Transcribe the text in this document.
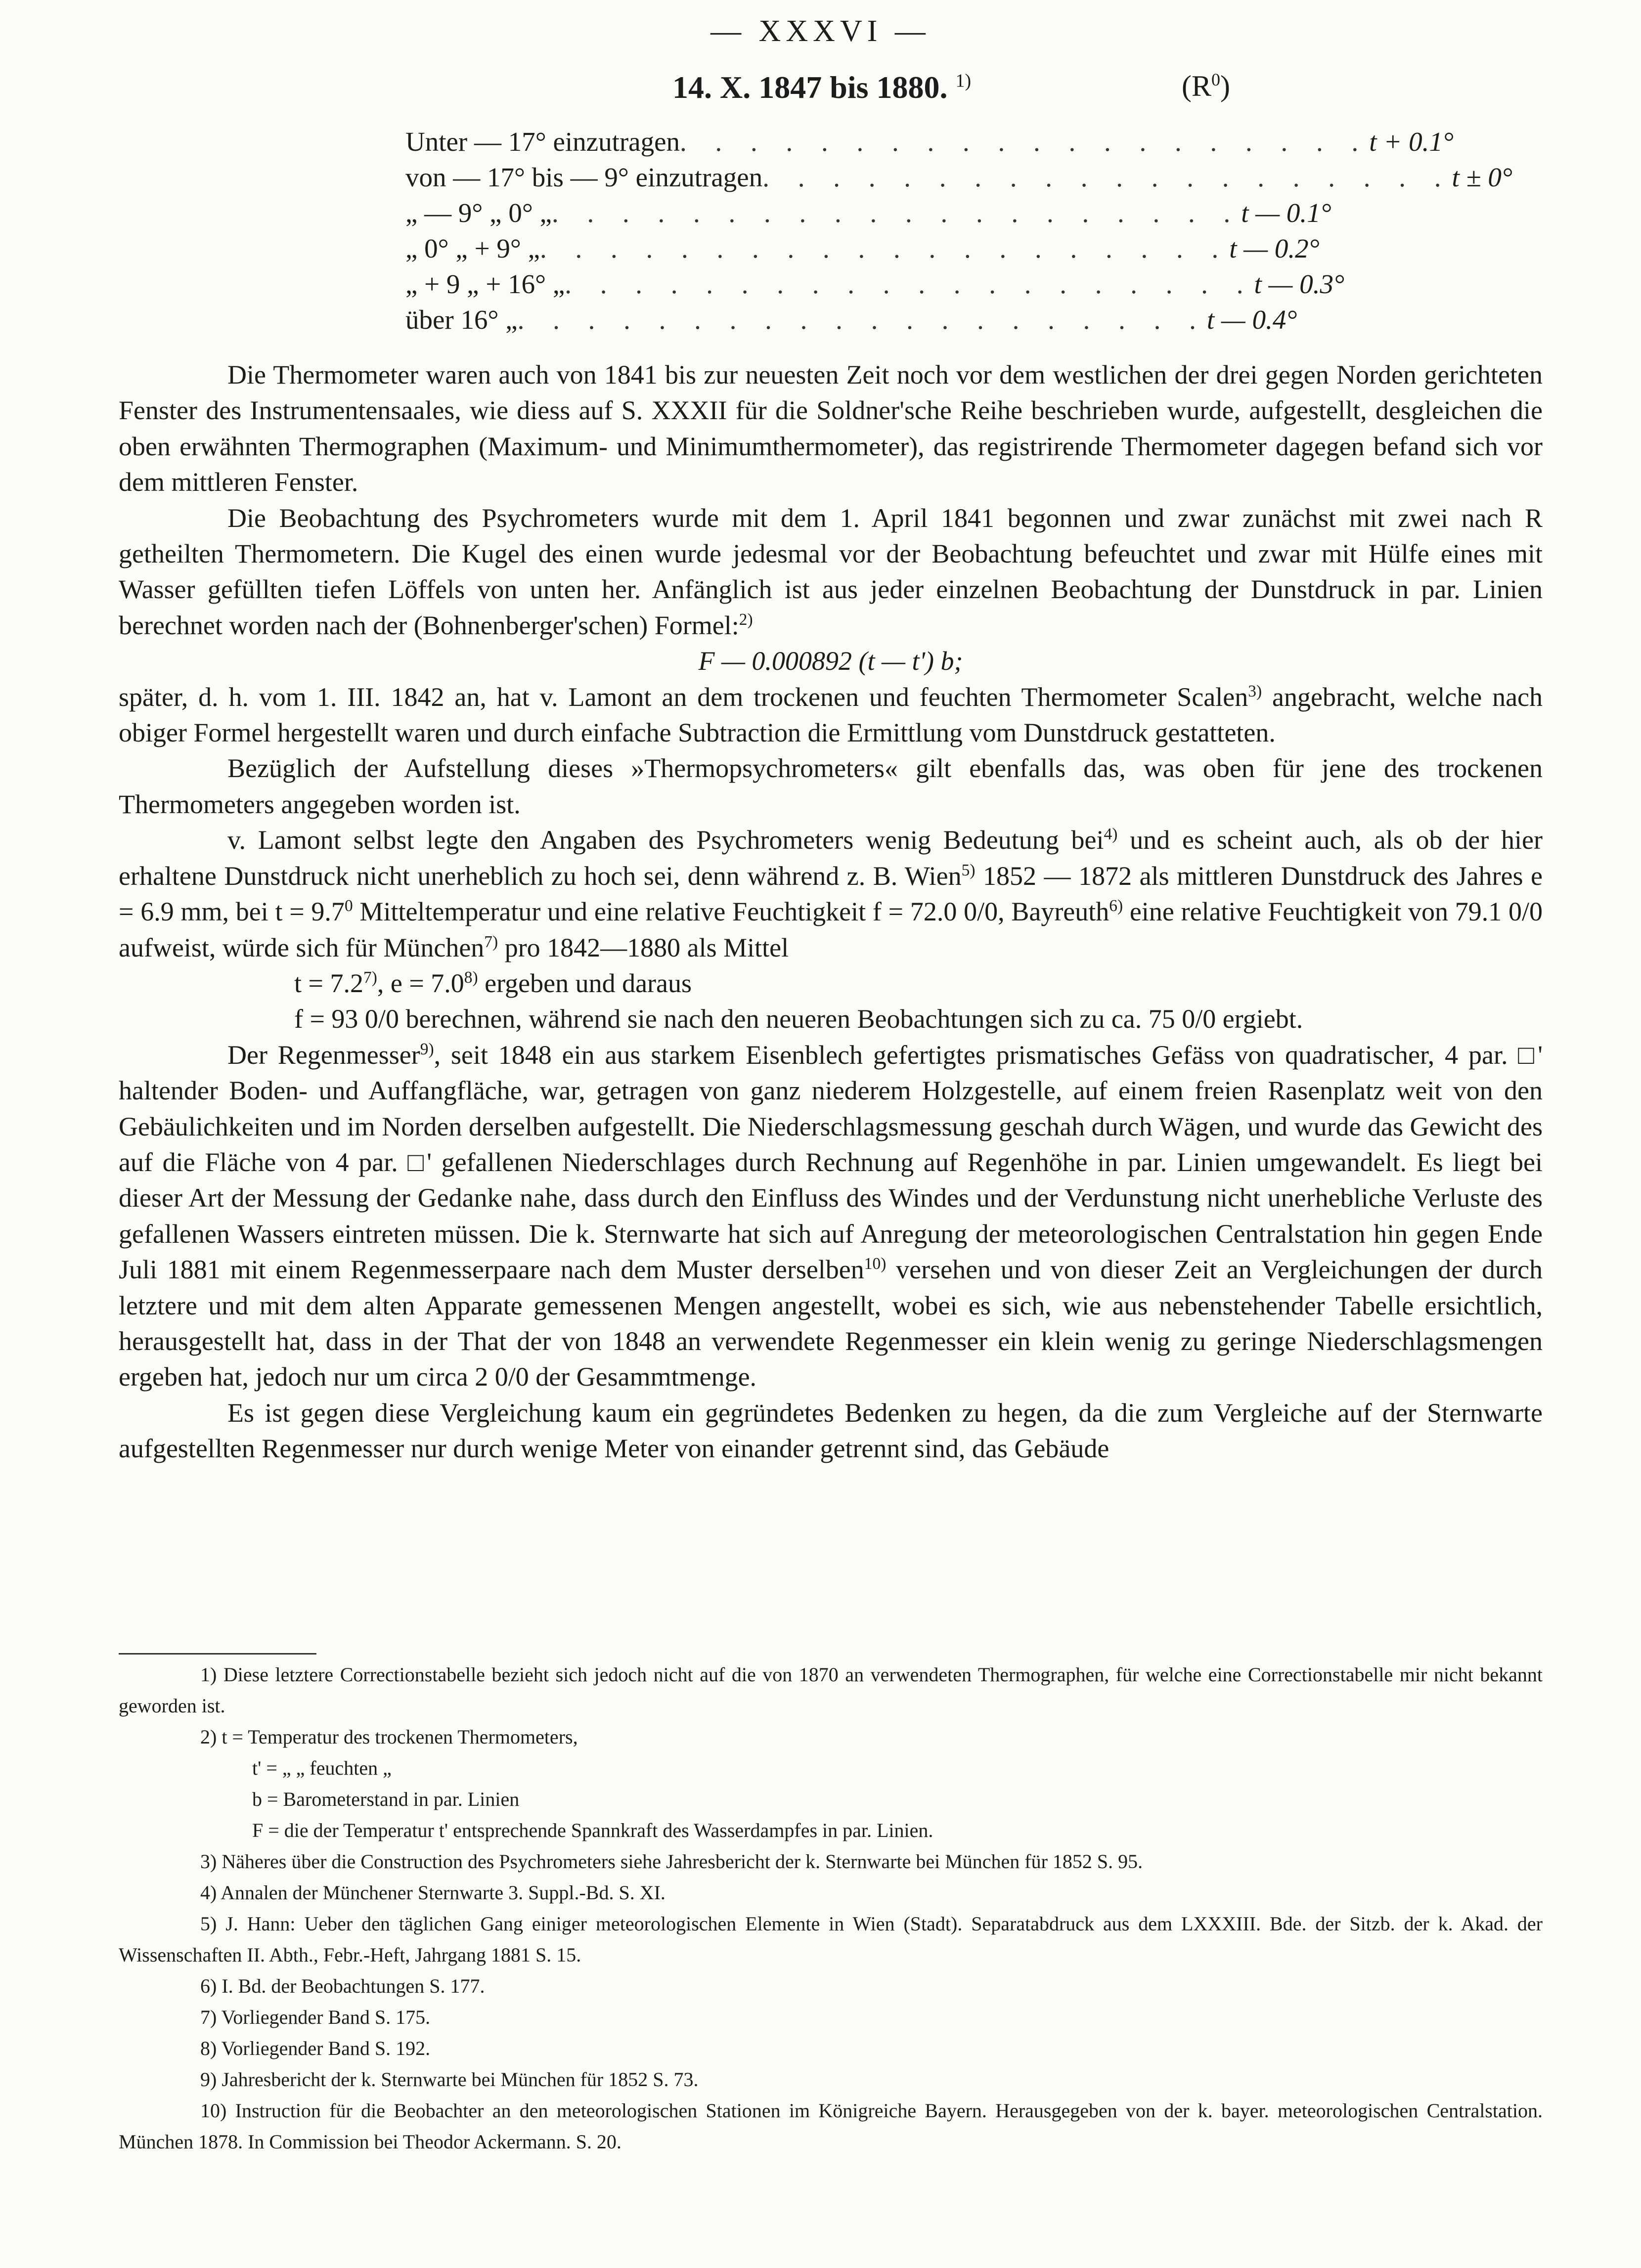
— XXXVI —
14. X. 1847 bis 1880. $^{1)}$	$(R^0)$
Unter — 17° einzutragen . . . . . . . . . . . . . . . . . . . . t + 0.1°
von — 17° bis — 9° einzutragen . . . . . . . . . . . . . . . . . . . . t ± 0°
„ — 9° „ 0° „ . . . . . . . . . . . . . . . . . . . . t — 0.1°
„ 0° „ + 9° „ . . . . . . . . . . . . . . . . . . . . t — 0.2°
„ + 9 „ + 16° „ . . . . . . . . . . . . . . . . . . . . t — 0.3°
über 16° „ . . . . . . . . . . . . . . . . . . . . t — 0.4°

Die Thermometer waren auch von 1841 bis zur neuesten Zeit noch vor dem westlichen der drei gegen Norden gerichteten Fenster des Instrumentensaales, wie diess auf S. XXXII für die Soldner'sche Reihe beschrieben wurde, aufgestellt, desgleichen die oben erwähnten Thermographen (Maximum- und Minimumthermometer), das registrirende Thermometer dagegen befand sich vor dem mittleren Fenster.

Die Beobachtung des Psychrometers wurde mit dem 1. April 1841 begonnen und zwar zunächst mit zwei nach R getheilten Thermometern. Die Kugel des einen wurde jedesmal vor der Beobachtung befeuchtet und zwar mit Hülfe eines mit Wasser gefüllten tiefen Löffels von unten her. Anfänglich ist aus jeder einzelnen Beobachtung der Dunstdruck in par. Linien berechnet worden nach der (Bohnenberger'schen) Formel:$^{2)}$

F — 0.000892 (t — t') b;

später, d. h. vom 1. III. 1842 an, hat v. Lamont an dem trockenen und feuchten Thermometer Scalen$^{3)}$ angebracht, welche nach obiger Formel hergestellt waren und durch einfache Subtraction die Ermittlung vom Dunstdruck gestatteten.

Bezüglich der Aufstellung dieses »Thermopsychrometers« gilt ebenfalls das, was oben für jene des trockenen Thermometers angegeben worden ist.

v. Lamont selbst legte den Angaben des Psychrometers wenig Bedeutung bei$^{4)}$ und es scheint auch, als ob der hier erhaltene Dunstdruck nicht unerheblich zu hoch sei, denn während z. B. Wien$^{5)}$ 1852 — 1872 als mittleren Dunstdruck des Jahres e = 6.9 mm, bei $t = 9.7^0$ Mitteltemperatur und eine relative Feuchtigkeit f = 72.0 0/0, Bayreuth$^{6)}$ eine relative Feuchtigkeit von 79.1 0/0 aufweist, würde sich für München$^{7)}$ pro 1842—1880 als Mittel

$t = 7.2^{7)}$, $e = 7.0^{8)}$ ergeben und daraus

f = 93 0/0 berechnen, während sie nach den neueren Beobachtungen sich zu ca. 75 0/0 ergiebt.

Der Regenmesser$^{9)}$, seit 1848 ein aus starkem Eisenblech gefertigtes prismatisches Gefäss von quadratischer, 4 par. □' haltender Boden- und Auffangfläche, war, getragen von ganz niederem Holzgestelle, auf einem freien Rasenplatz weit von den Gebäulichkeiten und im Norden derselben aufgestellt. Die Niederschlagsmessung geschah durch Wägen, und wurde das Gewicht des auf die Fläche von 4 par. □' gefallenen Niederschlages durch Rechnung auf Regenhöhe in par. Linien umgewandelt. Es liegt bei dieser Art der Messung der Gedanke nahe, dass durch den Einfluss des Windes und der Verdunstung nicht unerhebliche Verluste des gefallenen Wassers eintreten müssen. Die k. Sternwarte hat sich auf Anregung der meteorologischen Centralstation hin gegen Ende Juli 1881 mit einem Regenmesserpaare nach dem Muster derselben$^{10)}$ versehen und von dieser Zeit an Vergleichungen der durch letztere und mit dem alten Apparate gemessenen Mengen angestellt, wobei es sich, wie aus nebenstehender Tabelle ersichtlich, herausgestellt hat, dass in der That der von 1848 an verwendete Regenmesser ein klein wenig zu geringe Niederschlagsmengen ergeben hat, jedoch nur um circa 2 0/0 der Gesammtmenge.

Es ist gegen diese Vergleichung kaum ein gegründetes Bedenken zu hegen, da die zum Vergleiche auf der Sternwarte aufgestellten Regenmesser nur durch wenige Meter von einander getrennt sind, das Gebäude

1) Diese letztere Correctionstabelle bezieht sich jedoch nicht auf die von 1870 an verwendeten Thermographen, für welche eine Correctionstabelle mir nicht bekannt geworden ist.

2) t = Temperatur des trockenen Thermometers,

t' = „ „ feuchten „

b = Barometerstand in par. Linien

F = die der Temperatur t' entsprechende Spannkraft des Wasserdampfes in par. Linien.

3) Näheres über die Construction des Psychrometers siehe Jahresbericht der k. Sternwarte bei München für 1852 S. 95.

4) Annalen der Münchener Sternwarte 3. Suppl.-Bd. S. XI.

5) J. Hann: Ueber den täglichen Gang einiger meteorologischen Elemente in Wien (Stadt). Separatabdruck aus dem LXXXIII. Bde. der Sitzb. der k. Akad. der Wissenschaften II. Abth., Febr.-Heft, Jahrgang 1881 S. 15.

6) I. Bd. der Beobachtungen S. 177.

7) Vorliegender Band S. 175.

8) Vorliegender Band S. 192.

9) Jahresbericht der k. Sternwarte bei München für 1852 S. 73.

10) Instruction für die Beobachter an den meteorologischen Stationen im Königreiche Bayern. Herausgegeben von der k. bayer. meteorologischen Centralstation. München 1878. In Commission bei Theodor Ackermann. S. 20.
